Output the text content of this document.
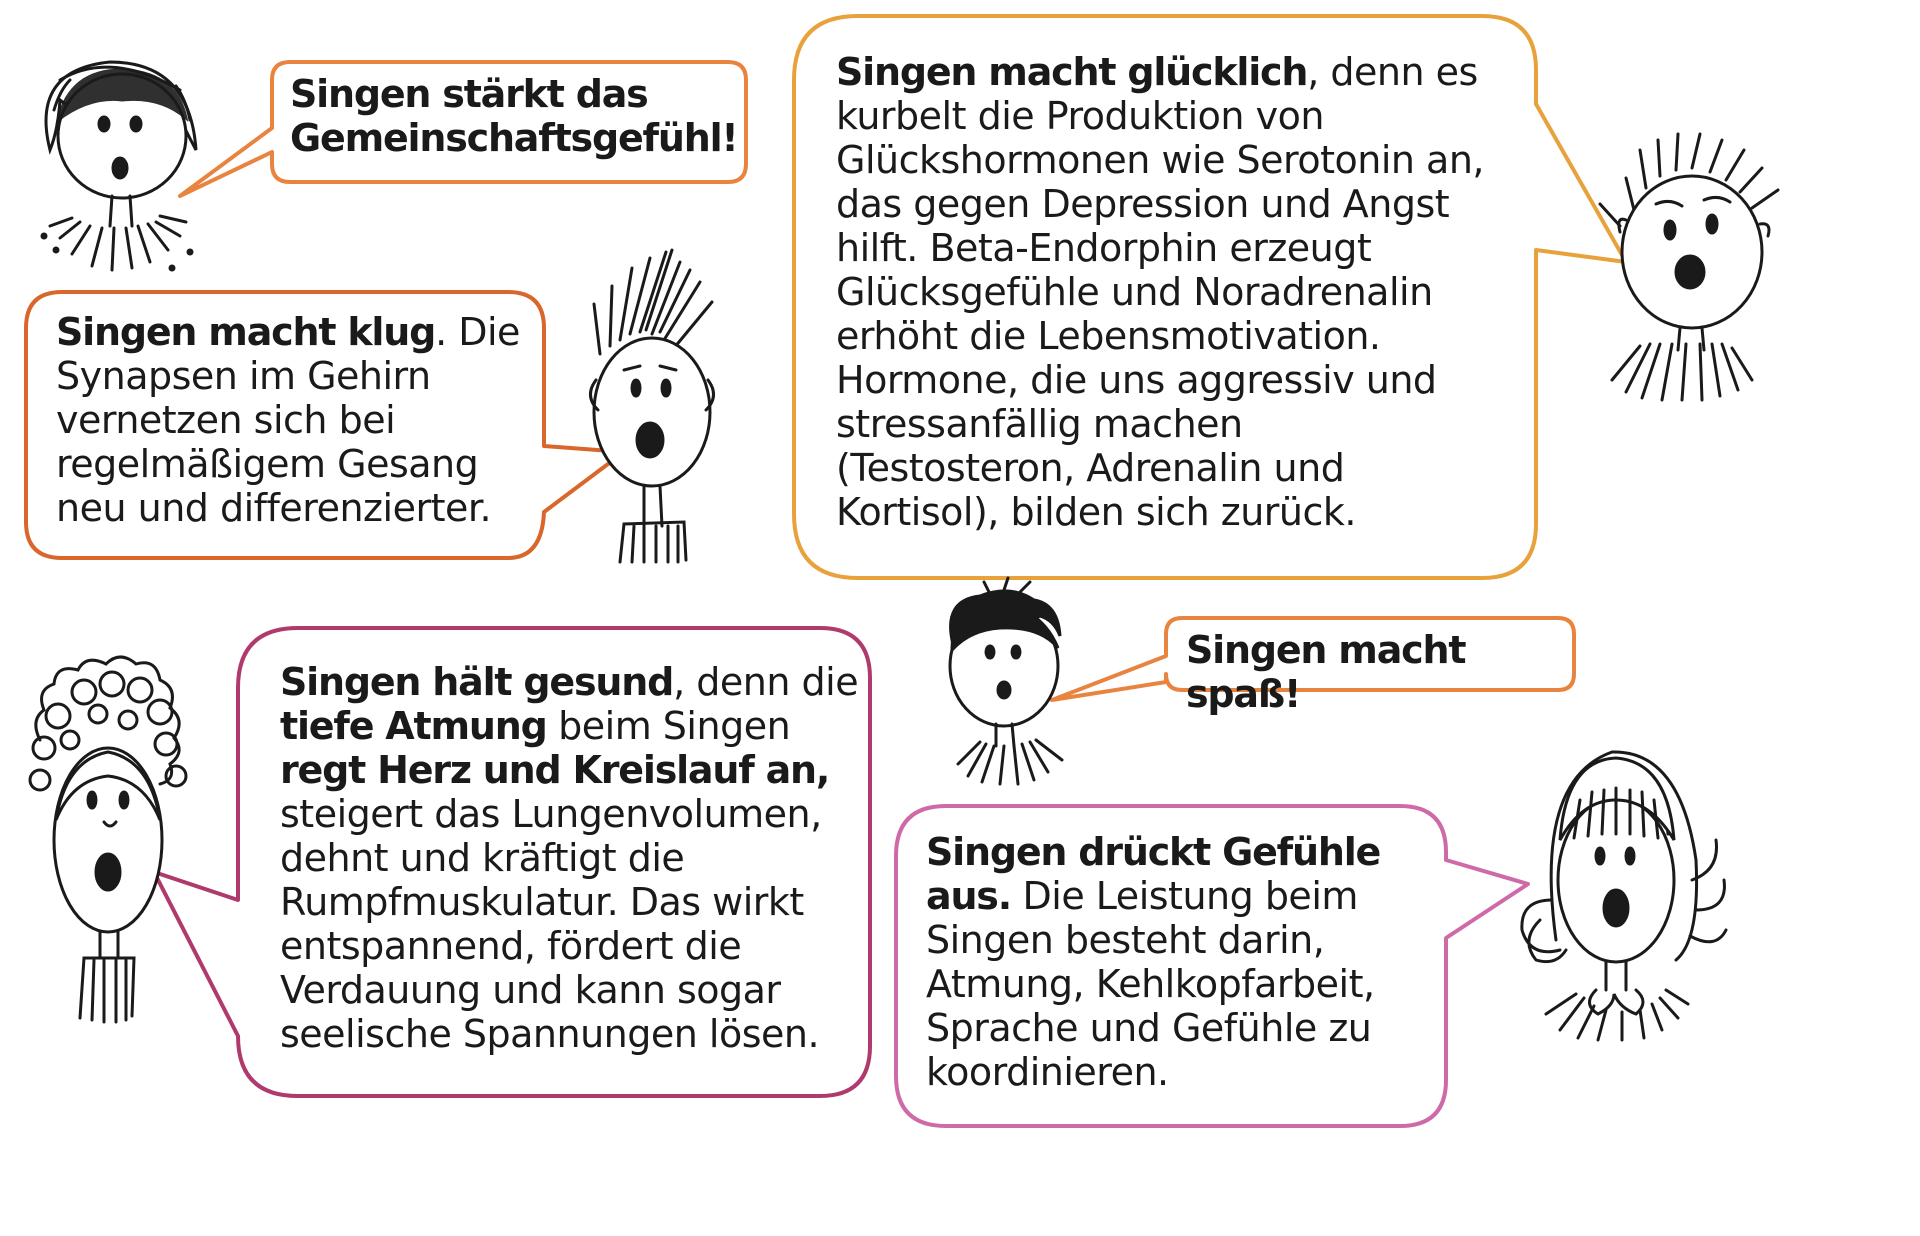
Singen stärkt das
Gemeinschaftsgefühl!
Singen macht klug. Die
Synapsen im Gehirn
vernetzen sich bei
regelmäßigem Gesang
neu und differenzierter.
Singen macht glücklich, denn es
kurbelt die Produktion von
Glückshormonen wie Serotonin an,
das gegen Depression und Angst
hilft. Beta-Endorphin erzeugt
Glücksgefühle und Noradrenalin
erhöht die Lebensmotivation.
Hormone, die uns aggressiv und
stressanfällig machen
(Testosteron, Adrenalin und
Kortisol), bilden sich zurück.
Singen macht spaß!
Singen hält gesund, denn die
tiefe Atmung beim Singen
regt Herz und Kreislauf an,
steigert das Lungenvolumen,
dehnt und kräftigt die
Rumpfmuskulatur. Das wirkt
entspannend, fördert die
Verdauung und kann sogar
seelische Spannungen lösen.
Singen drückt Gefühle
aus. Die Leistung beim
Singen besteht darin,
Atmung, Kehlkopfarbeit,
Sprache und Gefühle zu
koordinieren.
